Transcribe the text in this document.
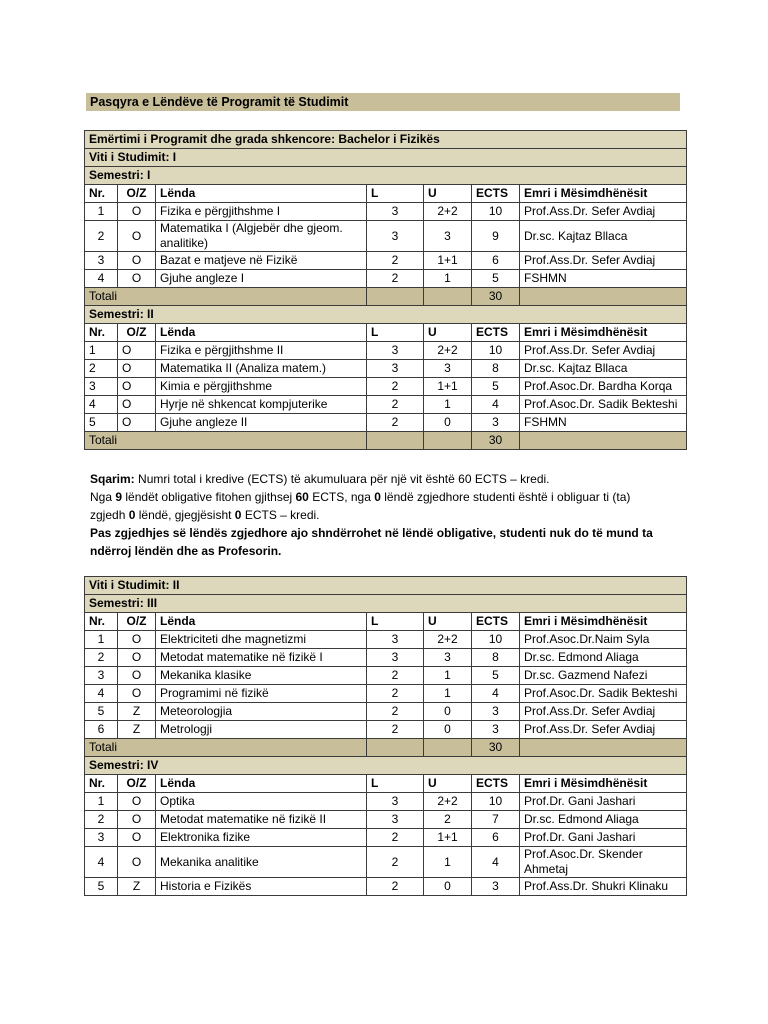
Pasqyra e Lëndëve të Programit të Studimit
Emërtimi i Programit dhe grada shkencore: Bachelor i Fizikës						
Viti i Studimit: I						
Semestri: I						
Nr.	O/Z	Lënda	L	U	ECTS	Emri i Mësimdhënësit
1	O	Fizika e përgjithshme I	3	2+2	10	Prof.Ass.Dr. Sefer Avdiaj
2	O	Matematika I (Algjebër dhe gjeom. analitike)	3	3	9	Dr.sc. Kajtaz Bllaca
3	O	Bazat e matjeve në Fizikë	2	1+1	6	Prof.Ass.Dr. Sefer Avdiaj
4	O	Gjuhe angleze I	2	1	5	FSHMN
Totali					30	
Semestri: II						
Nr.	O/Z	Lënda	L	U	ECTS	Emri i Mësimdhënësit
1	O	Fizika e përgjithshme II	3	2+2	10	Prof.Ass.Dr. Sefer Avdiaj
2	O	Matematika II (Analiza matem.)	3	3	8	Dr.sc. Kajtaz Bllaca
3	O	Kimia e përgjithshme	2	1+1	5	Prof.Asoc.Dr. Bardha Korqa
4	O	Hyrje në shkencat kompjuterike	2	1	4	Prof.Asoc.Dr. Sadik Bekteshi
5	O	Gjuhe angleze II	2	0	3	FSHMN
Totali					30	

Sqarim: Numri total i kredive (ECTS) të akumuluara për një vit është 60 ECTS – kredi.

Nga 9 lëndët obligative fitohen gjithsej 60 ECTS, nga 0 lëndë zgjedhore studenti është i obliguar ti (ta)

zgjedh 0 lëndë, gjegjësisht 0 ECTS – kredi.

Pas zgjedhjes së lëndës zgjedhore ajo shndërrohet në lëndë obligative, studenti nuk do të mund ta

ndërroj lëndën dhe as Profesorin.

Viti i Studimit: II						
Semestri: III						
Nr.	O/Z	Lënda	L	U	ECTS	Emri i Mësimdhënësit
1	O	Elektriciteti dhe magnetizmi	3	2+2	10	Prof.Asoc.Dr.Naim Syla
2	O	Metodat matematike në fizikë I	3	3	8	Dr.sc. Edmond Aliaga
3	O	Mekanika klasike	2	1	5	Dr.sc. Gazmend Nafezi
4	O	Programimi në fizikë	2	1	4	Prof.Asoc.Dr. Sadik Bekteshi
5	Z	Meteorologjia	2	0	3	Prof.Ass.Dr. Sefer Avdiaj
6	Z	Metrologji	2	0	3	Prof.Ass.Dr. Sefer Avdiaj
Totali					30	
Semestri: IV						
Nr.	O/Z	Lënda	L	U	ECTS	Emri i Mësimdhënësit
1	O	Optika	3	2+2	10	Prof.Dr. Gani Jashari
2	O	Metodat matematike në fizikë II	3	2	7	Dr.sc. Edmond Aliaga
3	O	Elektronika fizike	2	1+1	6	Prof.Dr. Gani Jashari
4	O	Mekanika analitike	2	1	4	Prof.Asoc.Dr. Skender Ahmetaj
5	Z	Historia e Fizikës	2	0	3	Prof.Ass.Dr. Shukri Klinaku
